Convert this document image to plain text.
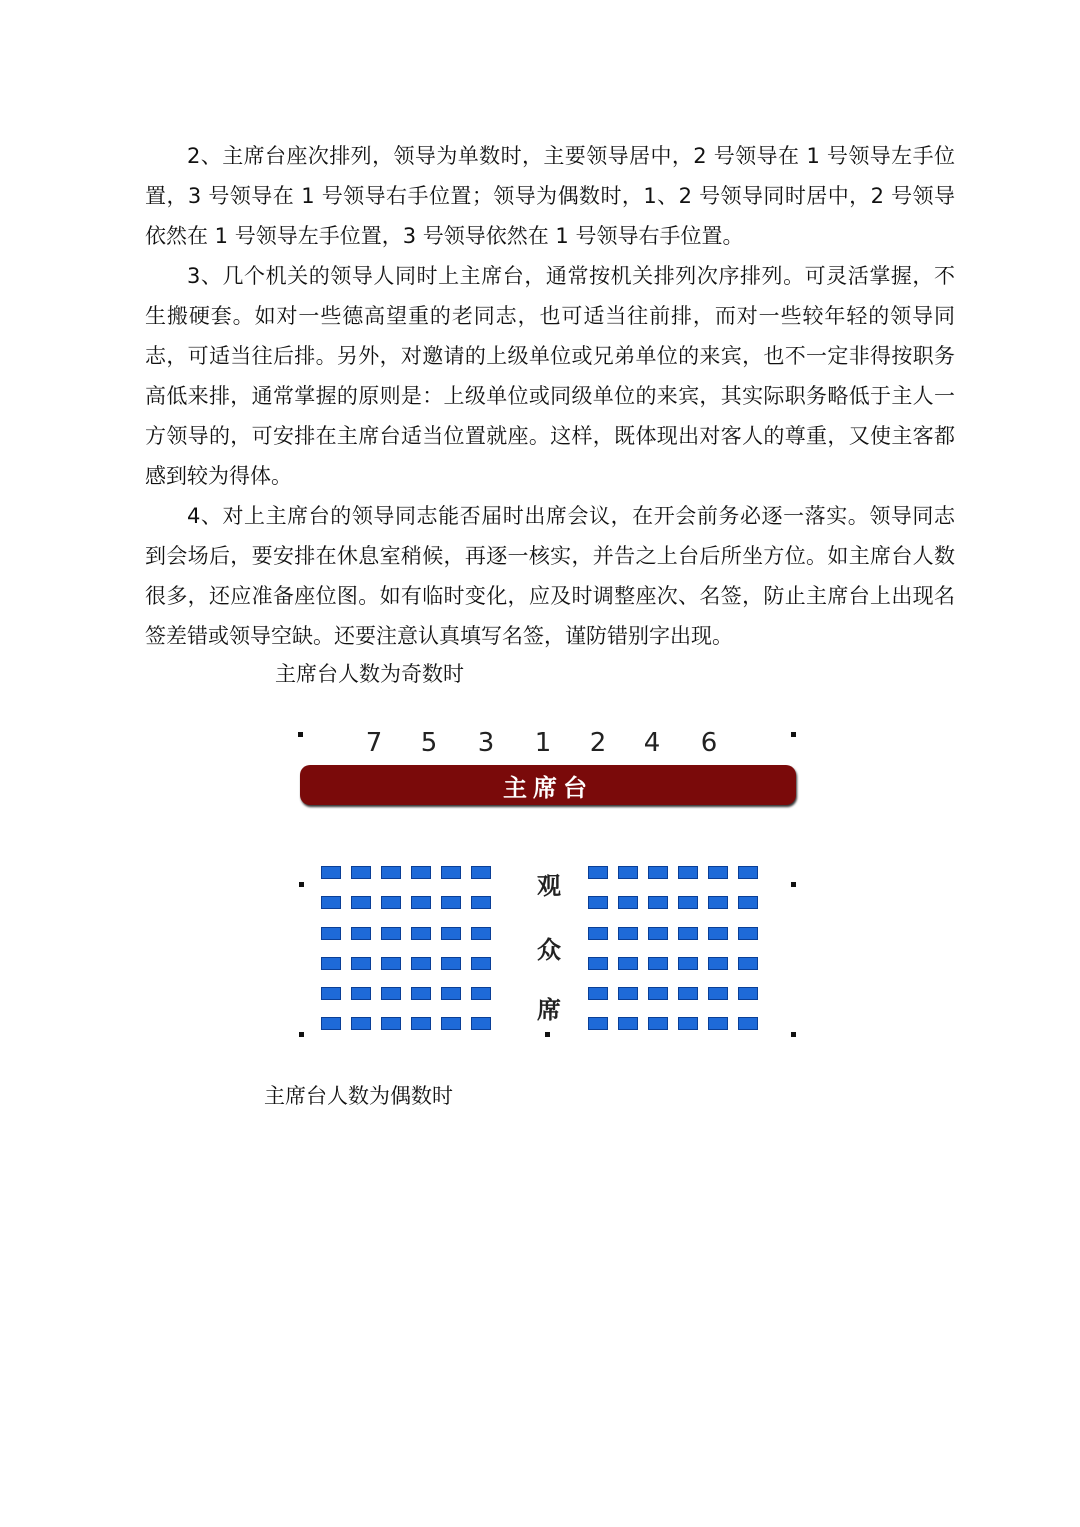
2、主席台座次排列，领导为单数时，主要领导居中，2 号领导在 1 号领导左手位置，3 号领导在 1 号领导右手位置；领导为偶数时，1、2 号领导同时居中，2 号领导依然在 1 号领导左手位置，3 号领导依然在 1 号领导右手位置。

3、几个机关的领导人同时上主席台，通常按机关排列次序排列。可灵活掌握，不生搬硬套。如对一些德高望重的老同志，也可适当往前排，而对一些较年轻的领导同志，可适当往后排。另外，对邀请的上级单位或兄弟单位的来宾，也不一定非得按职务高低来排，通常掌握的原则是：上级单位或同级单位的来宾，其实际职务略低于主人一方领导的，可安排在主席台适当位置就座。这样，既体现出对客人的尊重，又使主客都感到较为得体。

4、对上主席台的领导同志能否届时出席会议，在开会前务必逐一落实。领导同志到会场后，要安排在休息室稍候，再逐一核实，并告之上台后所坐方位。如主席台人数很多，还应准备座位图。如有临时变化，应及时调整座次、名签，防止主席台上出现名签差错或领导空缺。还要注意认真填写名签，谨防错别字出现。

主席台人数为奇数时
7 5 3 1 2 4 6
主席台
观
众
席
主席台人数为偶数时
